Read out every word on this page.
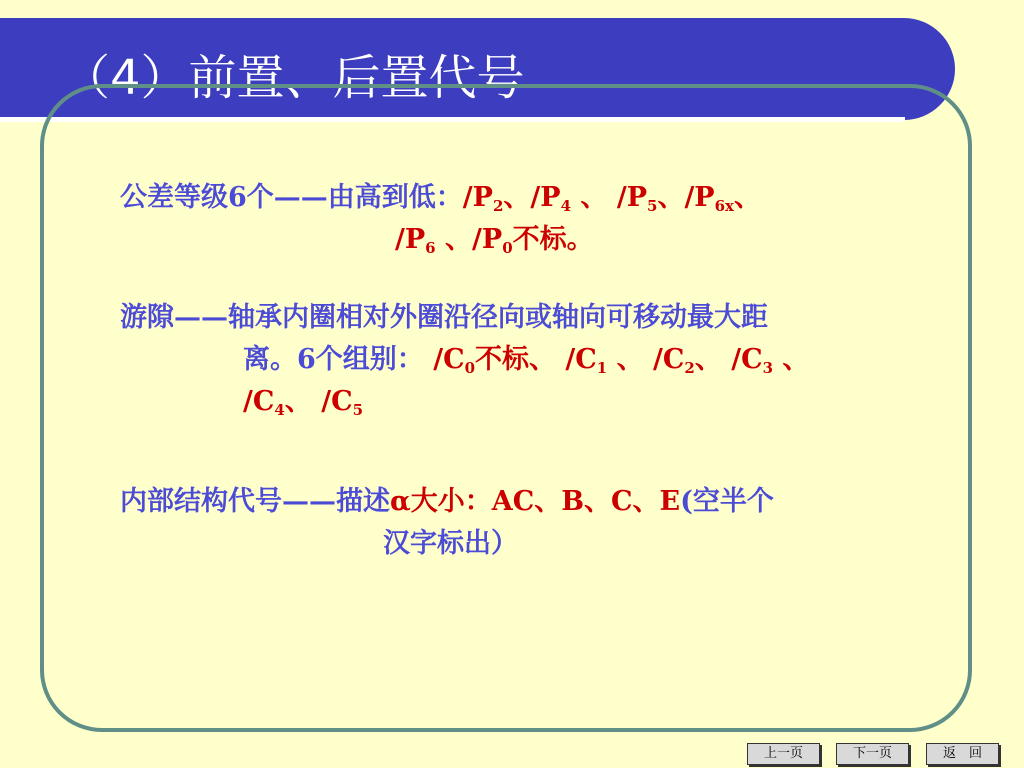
（4）前置、后置代号
公差等级6个——由高到低：$/P_2$、$/P_4$ 、 $/P_5$、$/P_{6x}$、
$/P_6$ 、$/P_0$不标。
游隙——轴承内圈相对外圈沿径向或轴向可移动最大距
离。6个组别： $/C_0$不标、 $/C_1$ 、 $/C_2$、 $/C_3$ 、
$/C_4$、 $/C_5$
内部结构代号——描述α大小：AC、B、C、E(空半个
汉字标出）
上一页	下一页	返　回
